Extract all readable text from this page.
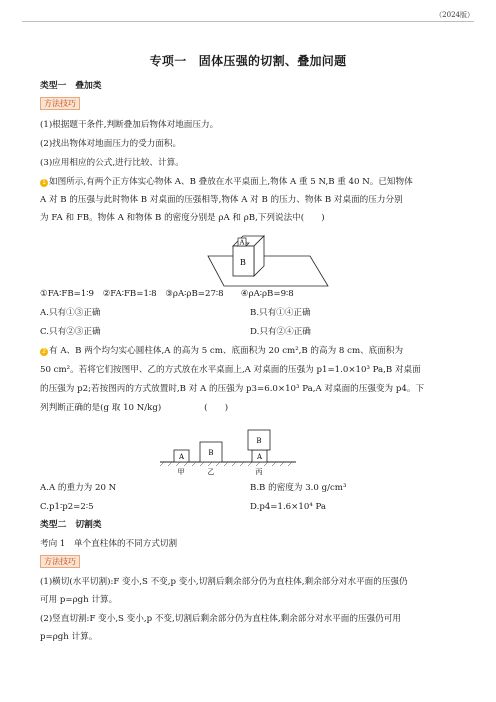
（2024版）
专项一　固体压强的切割、叠加问题
类型一　叠加类
方法技巧
(1)根据题干条件,判断叠加后物体对地面压力。
(2)找出物体对地面压力的受力面积。
(3)应用相应的公式,进行比较、计算。
1 如图所示,有两个正方体实心物体 A、B 叠放在水平桌面上,物体 A 重 5 N,B 重 40 N。已知物体
A 对 B 的压强与此时物体 B 对桌面的压强相等,物体 A 对 B 的压力、物体 B 对桌面的压力分别
为 FA 和 FB。物体 A 和物体 B 的密度分别是 ρA 和 ρB,下列说法中(　　)
A
B
①FA∶FB=1∶9　②FA∶FB=1∶8　③ρA∶ρB=27∶8　　④ρA∶ρB=9∶8
A.只有①③正确	B.只有①④正确
C.只有②③正确	D.只有②④正确
2 有 A、B 两个均匀实心圆柱体,A 的高为 5 cm、底面积为 20 cm²,B 的高为 8 cm、底面积为
50 cm²。若将它们按图甲、乙的方式放在水平桌面上,A 对桌面的压强为 p1=1.0×10³ Pa,B 对桌面
的压强为 p2;若按图丙的方式放置时,B 对 A 的压强为 p3=6.0×10³ Pa,A 对桌面的压强变为 p4。下
列判断正确的是(g 取 10 N/kg)　　　　　(　　)
A	B	A
B
甲	乙	丙
A.A 的重力为 20 N	B.B 的密度为 3.0 g/cm³
C.p1∶p2=2∶5	D.p4=1.6×10⁴ Pa
类型二　切割类
考向 1　单个直柱体的不同方式切割
方法技巧
(1)横切(水平切割):F 变小,S 不变,p 变小,切割后剩余部分仍为直柱体,剩余部分对水平面的压强仍
可用 p=ρgh 计算。
(2)竖直切割:F 变小,S 变小,p 不变,切割后剩余部分仍为直柱体,剩余部分对水平面的压强仍可用
p=ρgh 计算。
